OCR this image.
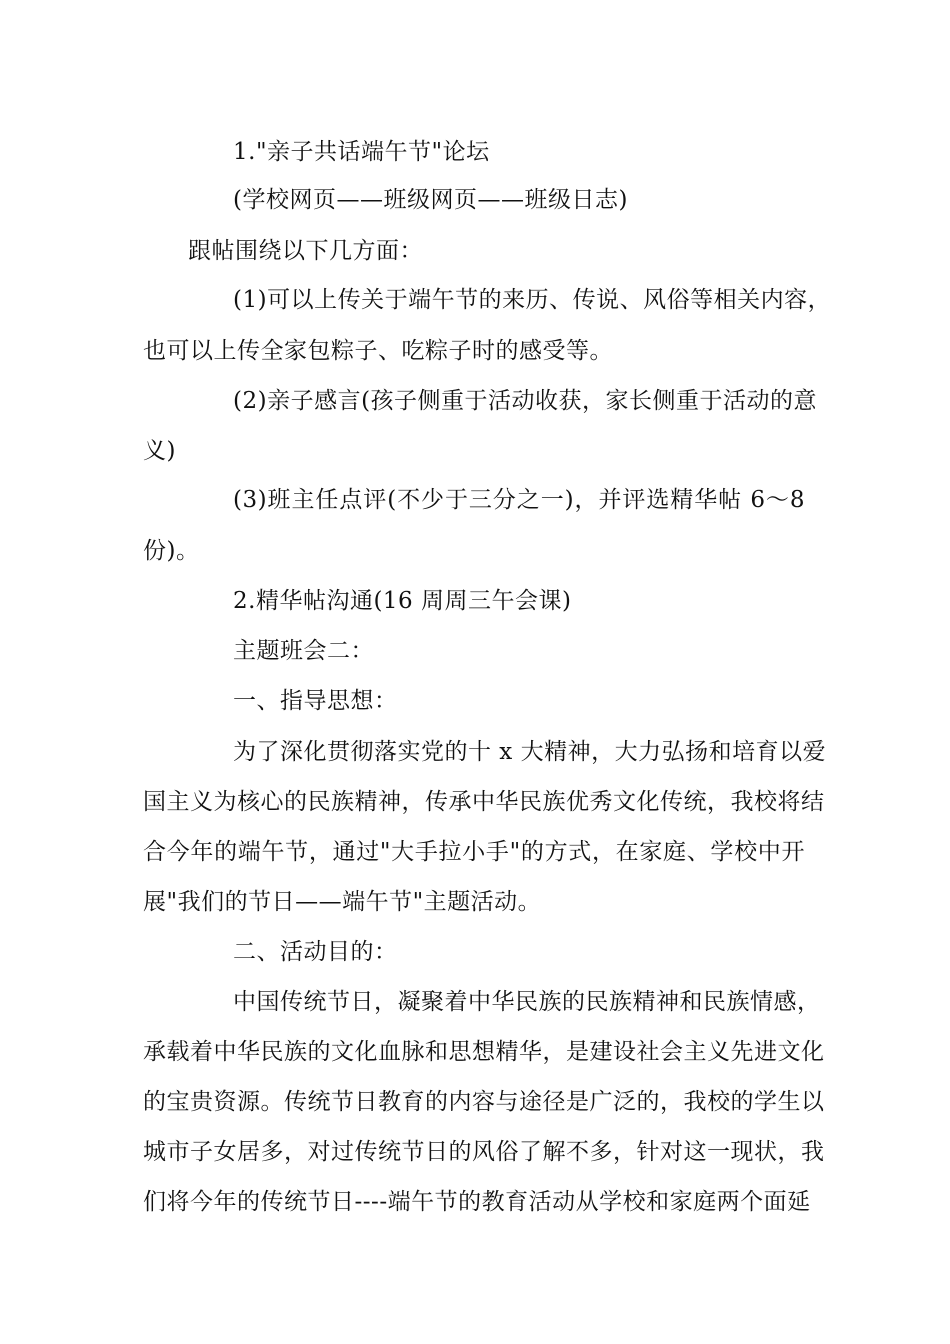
1."亲子共话端午节"论坛
(学校网页——班级网页——班级日志)
跟帖围绕以下几方面：
(1)可以上传关于端午节的来历、传说、风俗等相关内容，
也可以上传全家包粽子、吃粽子时的感受等。
(2)亲子感言(孩子侧重于活动收获，家长侧重于活动的意
义)
(3)班主任点评(不少于三分之一)，并评选精华帖 6～8
份)。
2.精华帖沟通(16 周周三午会课)
主题班会二：
一、指导思想：
为了深化贯彻落实党的十 x 大精神，大力弘扬和培育以爱
国主义为核心的民族精神，传承中华民族优秀文化传统，我校将结
合今年的端午节，通过"大手拉小手"的方式，在家庭、学校中开
展"我们的节日——端午节"主题活动。
二、活动目的：
中国传统节日，凝聚着中华民族的民族精神和民族情感，
承载着中华民族的文化血脉和思想精华，是建设社会主义先进文化
的宝贵资源。传统节日教育的内容与途径是广泛的，我校的学生以
城市子女居多，对过传统节日的风俗了解不多，针对这一现状，我
们将今年的传统节日----端午节的教育活动从学校和家庭两个面延
